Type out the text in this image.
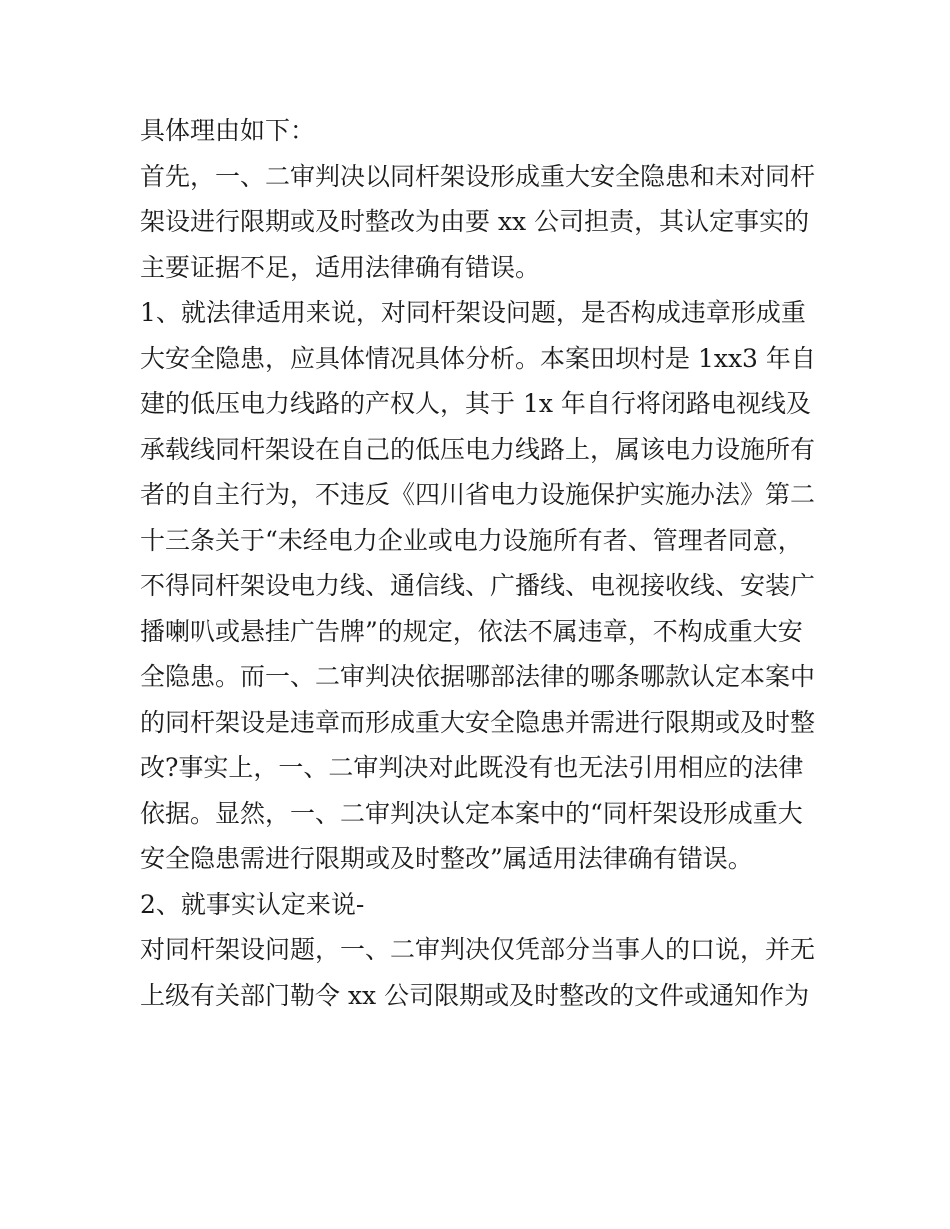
具体理由如下：
首先，一、二审判决以同杆架设形成重大安全隐患和未对同杆
架设进行限期或及时整改为由要 xx 公司担责，其认定事实的
主要证据不足，适用法律确有错误。
1、就法律适用来说，对同杆架设问题，是否构成违章形成重
大安全隐患，应具体情况具体分析。本案田坝村是 1xx3 年自
建的低压电力线路的产权人，其于 1x 年自行将闭路电视线及
承载线同杆架设在自己的低压电力线路上，属该电力设施所有
者的自主行为，不违反《四川省电力设施保护实施办法》第二
十三条关于“未经电力企业或电力设施所有者、管理者同意，
不得同杆架设电力线、通信线、广播线、电视接收线、安装广
播喇叭或悬挂广告牌”的规定，依法不属违章，不构成重大安
全隐患。而一、二审判决依据哪部法律的哪条哪款认定本案中
的同杆架设是违章而形成重大安全隐患并需进行限期或及时整
改?事实上，一、二审判决对此既没有也无法引用相应的法律
依据。显然，一、二审判决认定本案中的“同杆架设形成重大
安全隐患需进行限期或及时整改”属适用法律确有错误。
2、就事实认定来说-
对同杆架设问题，一、二审判决仅凭部分当事人的口说，并无
上级有关部门勒令 xx 公司限期或及时整改的文件或通知作为
